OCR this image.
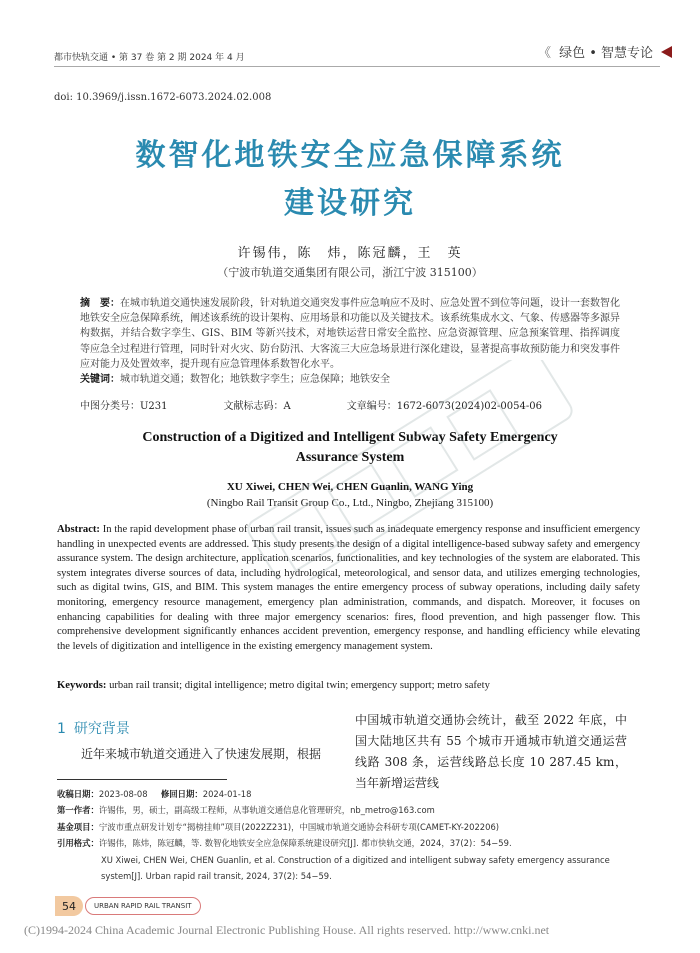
都市快轨交通 • 第 37 卷 第 2 期 2024 年 4 月	《 绿色 • 智慧专论
doi: 10.3969/j.issn.1672-6073.2024.02.008
数智化地铁安全应急保障系统
建设研究
许锡伟，陈　炜，陈冠麟，王　英
（宁波市轨道交通集团有限公司，浙江宁波 315100）
摘　要：在城市轨道交通快速发展阶段，针对轨道交通突发事件应急响应不及时、应急处置不到位等问题，设计一套数智化地铁安全应急保障系统，阐述该系统的设计架构、应用场景和功能以及关键技术。该系统集成水文、气象、传感器等多源异构数据，并结合数字孪生、GIS、BIM 等新兴技术，对地铁运营日常安全监控、应急资源管理、应急预案管理、指挥调度等应急全过程进行管理，同时针对火灾、防台防汛、大客流三大应急场景进行深化建设，显著提高事故预防能力和突发事件应对能力及处置效率，提升现有应急管理体系数智化水平。
关键词：城市轨道交通；数智化；地铁数字孪生；应急保障；地铁安全
中图分类号：U231	文献标志码：A	文章编号：1672-6073(2024)02-0054-06
Construction of a Digitized and Intelligent Subway Safety Emergency
Assurance System
XU Xiwei, CHEN Wei, CHEN Guanlin, WANG Ying
(Ningbo Rail Transit Group Co., Ltd., Ningbo, Zhejiang 315100)
Abstract: In the rapid development phase of urban rail transit, issues such as inadequate emergency response and insufficient emergency handling in unexpected events are addressed. This study presents the design of a digital intelligence-based subway safety and emergency assurance system. The design architecture, application scenarios, functionalities, and key technologies of the system are elaborated. This system integrates diverse sources of data, including hydrological, meteorological, and sensor data, and utilizes emerging technologies, such as digital twins, GIS, and BIM. This system manages the entire emergency process of subway operations, including daily safety monitoring, emergency resource management, emergency plan administration, commands, and dispatch. Moreover, it focuses on enhancing capabilities for dealing with three major emergency scenarios: fires, flood prevention, and high passenger flow. This comprehensive development significantly enhances accident prevention, emergency response, and handling efficiency while elevating the levels of digitization and intelligence in the existing emergency management system.
Keywords: urban rail transit; digital intelligence; metro digital twin; emergency support; metro safety
1 研究背景
近年来城市轨道交通进入了快速发展期，根据
中国城市轨道交通协会统计，截至 2022 年底，中国大陆地区共有 55 个城市开通城市轨道交通运营线路 308 条，运营线路总长度 10 287.45 km，当年新增运营线
收稿日期：2023-08-08 修回日期：2024-01-18
第一作者：许锡伟，男，硕士，副高级工程师，从事轨道交通信息化管理研究，nb_metro@163.com
基金项目：宁波市重点研发计划专“揭榜挂帅”项目(2022Z231)，中国城市轨道交通协会科研专项(CAMET-KY-202206)
引用格式：许锡伟，陈炜，陈冠麟，等. 数智化地铁安全应急保障系统建设研究[J]. 都市快轨交通，2024，37(2)：54−59.
XU Xiwei, CHEN Wei, CHEN Guanlin, et al. Construction of a digitized and intelligent subway safety emergency assurance
system[J]. Urban rapid rail transit, 2024, 37(2): 54−59.
54	URBAN RAPID RAIL TRANSIT
(C)1994-2024 China Academic Journal Electronic Publishing House. All rights reserved. http://www.cnki.net
